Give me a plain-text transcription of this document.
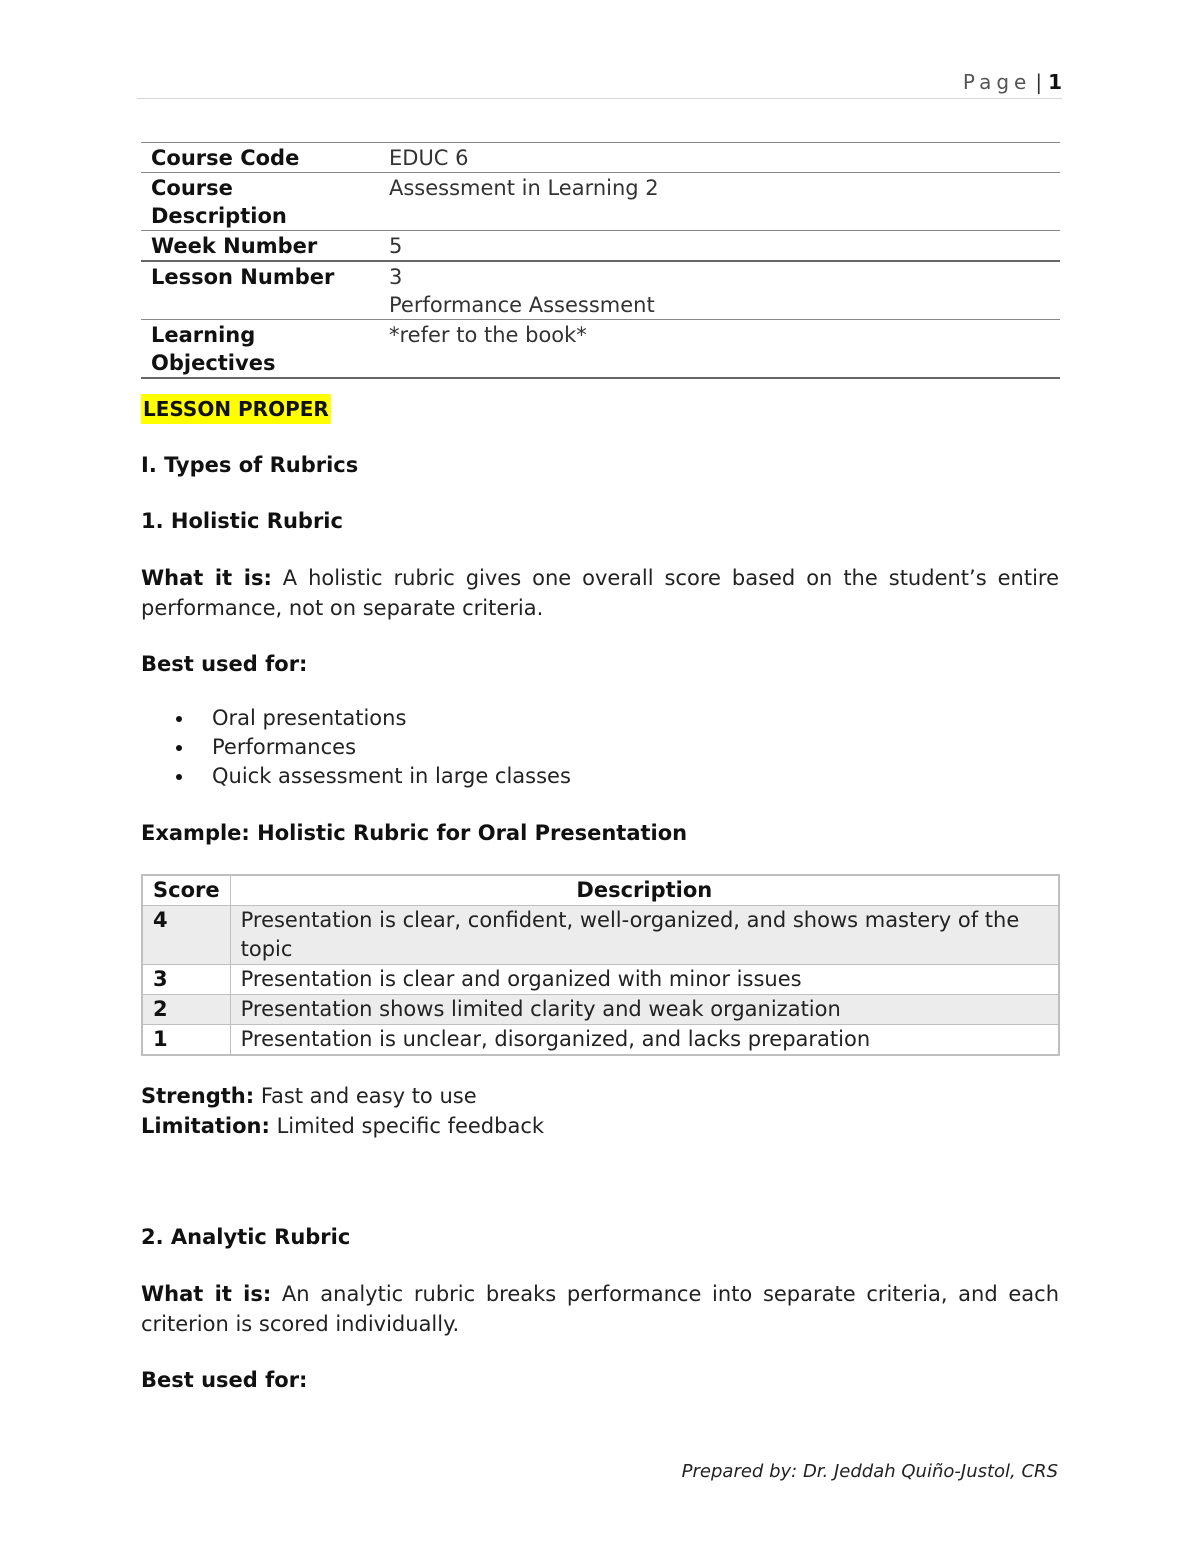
Page | 1
Course Code	EDUC 6
Course Description	Assessment in Learning 2
Week Number	5
Lesson Number	3
Performance Assessment

Learning Objectives	*refer to the book*
LESSON PROPER
I. Types of Rubrics
1. Holistic Rubric
What it is: A holistic rubric gives one overall score based on the student’s entire performance, not on separate criteria.
Best used for:
Oral presentations
Performances
Quick assessment in large classes
Example: Holistic Rubric for Oral Presentation
Score	Description
4	Presentation is clear, confident, well-organized, and shows mastery of the topic
3	Presentation is clear and organized with minor issues
2	Presentation shows limited clarity and weak organization
1	Presentation is unclear, disorganized, and lacks preparation
Strength: Fast and easy to use
Limitation: Limited specific feedback
2. Analytic Rubric
What it is: An analytic rubric breaks performance into separate criteria, and each criterion is scored individually.
Best used for:
Prepared by: Dr. Jeddah Quiño-Justol, CRS
